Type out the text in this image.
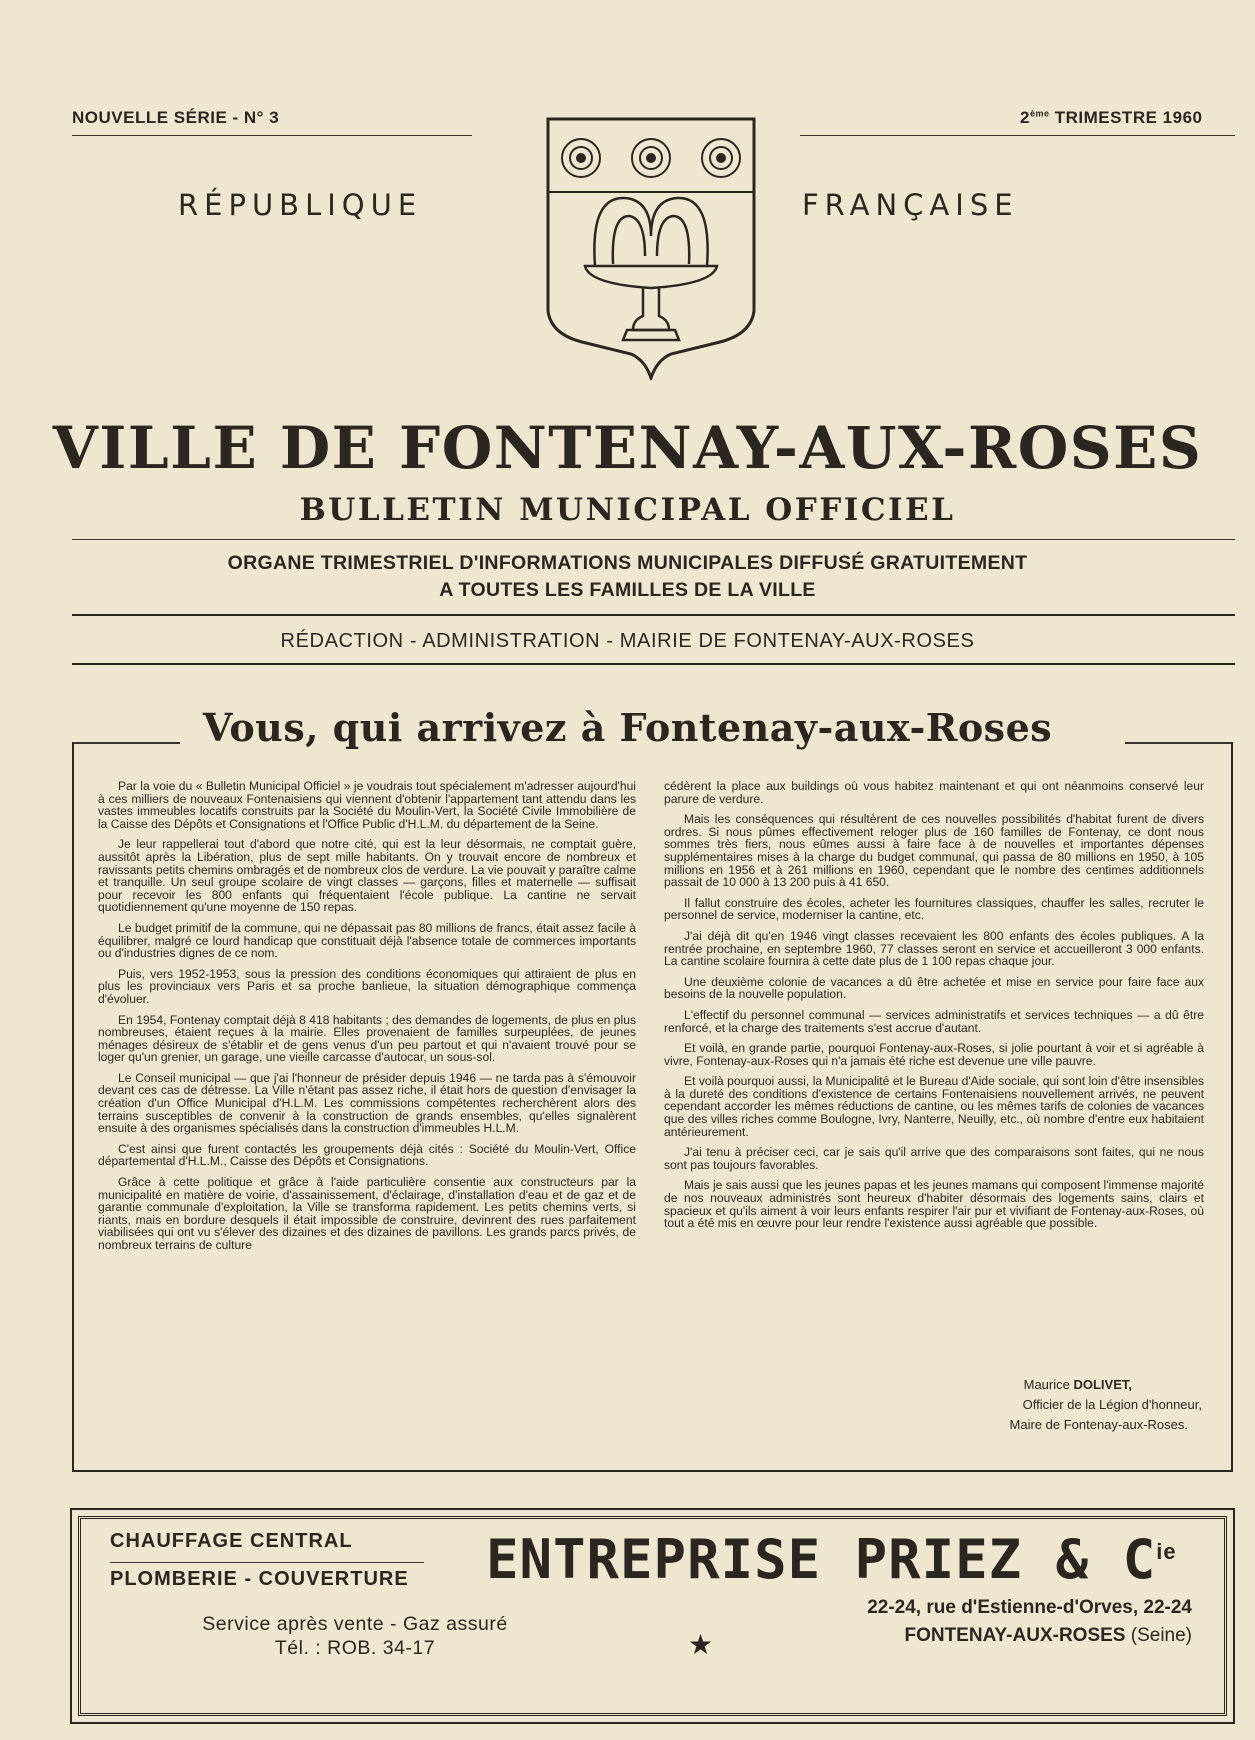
NOUVELLE SÉRIE - N° 3	2ème TRIMESTRE 1960
RÉPUBLIQUE	FRANÇAISE
VILLE DE FONTENAY-AUX-ROSES
BULLETIN MUNICIPAL OFFICIEL
ORGANE TRIMESTRIEL D'INFORMATIONS MUNICIPALES DIFFUSÉ GRATUITEMENT
A TOUTES LES FAMILLES DE LA VILLE
RÉDACTION - ADMINISTRATION - MAIRIE DE FONTENAY-AUX-ROSES
Vous, qui arrivez à Fontenay-aux-Roses

Par la voie du « Bulletin Municipal Officiel » je voudrais tout spécialement m'adresser aujourd'hui à ces milliers de nouveaux Fontenaisiens qui viennent d'obtenir l'appartement tant attendu dans les vastes immeubles locatifs construits par la Société du Moulin-Vert, la Société Civile Immobilière de la Caisse des Dépôts et Consignations et l'Office Public d'H.L.M. du département de la Seine.

Je leur rappellerai tout d'abord que notre cité, qui est la leur désormais, ne comptait guère, aussitôt après la Libération, plus de sept mille habitants. On y trouvait encore de nombreux et ravissants petits chemins ombragés et de nombreux clos de verdure. La vie pouvait y paraître calme et tranquille. Un seul groupe scolaire de vingt classes — garçons, filles et maternelle — suffisait pour recevoir les 800 enfants qui fréquentaient l'école publique. La cantine ne servait quotidiennement qu'une moyenne de 150 repas.

Le budget primitif de la commune, qui ne dépassait pas 80 millions de francs, était assez facile à équilibrer, malgré ce lourd handicap que constituait déjà l'absence totale de commerces importants ou d'industries dignes de ce nom.

Puis, vers 1952-1953, sous la pression des conditions économiques qui attiraient de plus en plus les provinciaux vers Paris et sa proche banlieue, la situation démographique commença d'évoluer.

En 1954, Fontenay comptait déjà 8 418 habitants ; des demandes de logements, de plus en plus nombreuses, étaient reçues à la mairie. Elles provenaient de familles surpeuplées, de jeunes ménages désireux de s'établir et de gens venus d'un peu partout et qui n'avaient trouvé pour se loger qu'un grenier, un garage, une vieille carcasse d'autocar, un sous-sol.

Le Conseil municipal — que j'ai l'honneur de présider depuis 1946 — ne tarda pas à s'émouvoir devant ces cas de détresse. La Ville n'étant pas assez riche, il était hors de question d'envisager la création d'un Office Municipal d'H.L.M. Les commissions compétentes recherchèrent alors des terrains susceptibles de convenir à la construction de grands ensembles, qu'elles signalèrent ensuite à des organismes spécialisés dans la construction d'immeubles H.L.M.

C'est ainsi que furent contactés les groupements déjà cités : Société du Moulin-Vert, Office départemental d'H.L.M., Caisse des Dépôts et Consignations.

Grâce à cette politique et grâce à l'aide particulière consentie aux constructeurs par la municipalité en matière de voirie, d'assainissement, d'éclairage, d'installation d'eau et de gaz et de garantie communale d'exploitation, la Ville se transforma rapidement. Les petits chemins verts, si riants, mais en bordure desquels il était impossible de construire, devinrent des rues parfaitement viabilisées qui ont vu s'élever des dizaines et des dizaines de pavillons. Les grands parcs privés, de nombreux terrains de culture

cédèrent la place aux buildings où vous habitez maintenant et qui ont néanmoins conservé leur parure de verdure.

Mais les conséquences qui résultèrent de ces nouvelles possibilités d'habitat furent de divers ordres. Si nous pûmes effectivement reloger plus de 160 familles de Fontenay, ce dont nous sommes très fiers, nous eûmes aussi à faire face à de nouvelles et importantes dépenses supplémentaires mises à la charge du budget communal, qui passa de 80 millions en 1950, à 105 millions en 1956 et à 261 millions en 1960, cependant que le nombre des centimes additionnels passait de 10 000 à 13 200 puis à 41 650.

Il fallut construire des écoles, acheter les fournitures classiques, chauffer les salles, recruter le personnel de service, moderniser la cantine, etc.

J'ai déjà dit qu'en 1946 vingt classes recevaient les 800 enfants des écoles publiques. A la rentrée prochaine, en septembre 1960, 77 classes seront en service et accueilleront 3 000 enfants. La cantine scolaire fournira à cette date plus de 1 100 repas chaque jour.

Une deuxième colonie de vacances a dû être achetée et mise en service pour faire face aux besoins de la nouvelle population.

L'effectif du personnel communal — services administratifs et services techniques — a dû être renforcé, et la charge des traitements s'est accrue d'autant.

Et voilà, en grande partie, pourquoi Fontenay-aux-Roses, si jolie pourtant à voir et si agréable à vivre, Fontenay-aux-Roses qui n'a jamais été riche est devenue une ville pauvre.

Et voilà pourquoi aussi, la Municipalité et le Bureau d'Aide sociale, qui sont loin d'être insensibles à la dureté des conditions d'existence de certains Fontenaisiens nouvellement arrivés, ne peuvent cependant accorder les mêmes réductions de cantine, ou les mêmes tarifs de colonies de vacances que des villes riches comme Boulogne, Ivry, Nanterre, Neuilly, etc., où nombre d'entre eux habitaient antérieurement.

J'ai tenu à préciser ceci, car je sais qu'il arrive que des comparaisons sont faites, qui ne nous sont pas toujours favorables.

Mais je sais aussi que les jeunes papas et les jeunes mamans qui composent l'immense majorité de nos nouveaux administrés sont heureux d'habiter désormais des logements sains, clairs et spacieux et qu'ils aiment à voir leurs enfants respirer l'air pur et vivifiant de Fontenay-aux-Roses, où tout a été mis en œuvre pour leur rendre l'existence aussi agréable que possible.

Maurice DOLIVET,
Officier de la Légion d'honneur,
Maire de Fontenay-aux-Roses.
CHAUFFAGE CENTRAL
PLOMBERIE - COUVERTURE
Service après vente - Gaz assuré
Tél. : ROB. 34-17
ENTREPRISE PRIEZ & $C^{ie}$
★
22-24, rue d'Estienne-d'Orves, 22-24
FONTENAY-AUX-ROSES (Seine)
